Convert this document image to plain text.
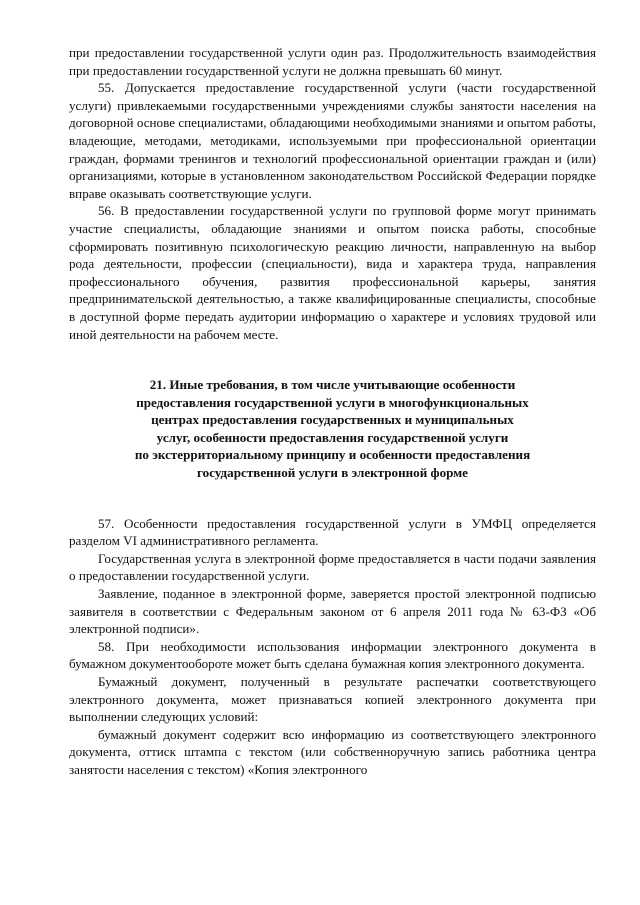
при предоставлении государственной услуги один раз. Продолжительность взаимодействия при предоставлении государственной услуги не должна превышать 60 минут.

55. Допускается предоставление государственной услуги (части государственной услуги) привлекаемыми государственными учреждениями службы занятости населения на договорной основе специалистами, обладающими необходимыми знаниями и опытом работы, владеющие, методами, методиками, используемыми при профессиональной ориентации граждан, формами тренингов и технологий профессиональной ориентации граждан и (или) организациями, которые в установленном законодательством Российской Федерации порядке вправе оказывать соответствующие услуги.

56. В предоставлении государственной услуги по групповой форме могут принимать участие специалисты, обладающие знаниями и опытом поиска работы, способные сформировать позитивную психологическую реакцию личности, направленную на выбор рода деятельности, профессии (специальности), вида и характера труда, направления профессионального обучения, развития профессиональной карьеры, занятия предпринимательской деятельностью, а также квалифицированные специалисты, способные в доступной форме передать аудитории информацию о характере и условиях трудовой или иной деятельности на рабочем месте.

21. Иные требования, в том числе учитывающие особенности
предоставления государственной услуги в многофункциональных
центрах предоставления государственных и муниципальных
услуг, особенности предоставления государственной услуги
по экстерриториальному принципу и особенности предоставления
государственной услуги в электронной форме

57. Особенности предоставления государственной услуги в УМФЦ определяется разделом VI административного регламента.

Государственная услуга в электронной форме предоставляется в части подачи заявления о предоставлении государственной услуги.

Заявление, поданное в электронной форме, заверяется простой электронной подписью заявителя в соответствии с Федеральным законом от 6 апреля 2011 года № 63-ФЗ «Об электронной подписи».

58. При необходимости использования информации электронного документа в бумажном документообороте может быть сделана бумажная копия электронного документа.

Бумажный документ, полученный в результате распечатки соответствующего электронного документа, может признаваться копией электронного документа при выполнении следующих условий:

бумажный документ содержит всю информацию из соответствующего электронного документа, оттиск штампа с текстом (или собственноручную запись работника центра занятости населения с текстом) «Копия электронного
